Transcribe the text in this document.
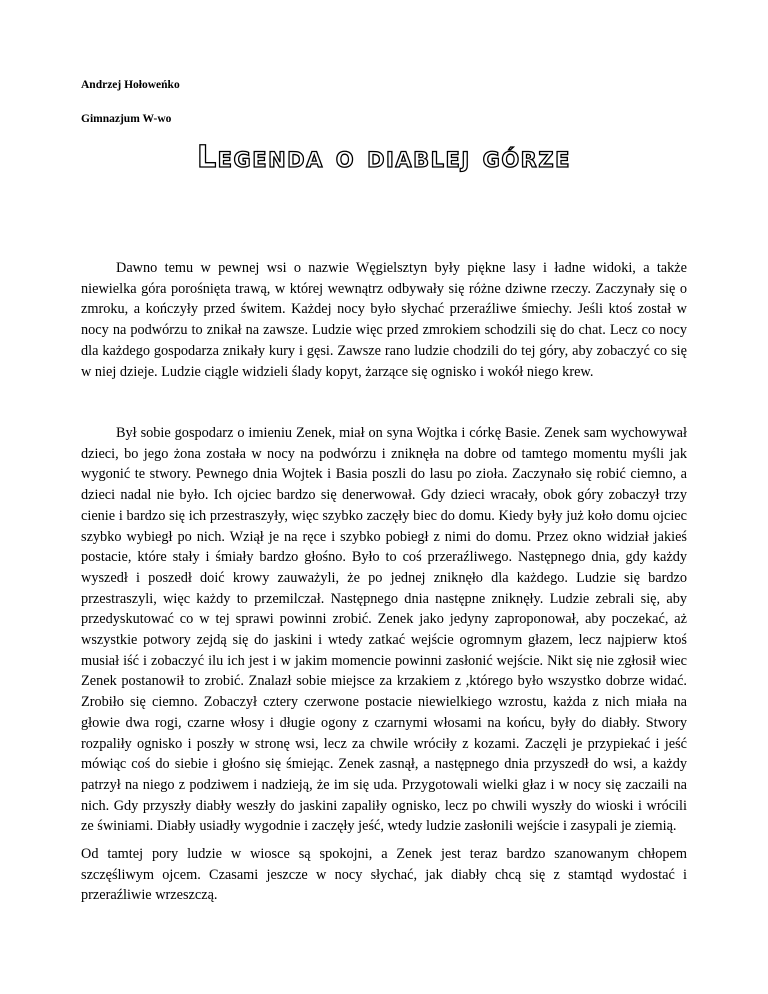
Andrzej Hołoweńko
Gimnazjum W-wo
Legenda o diablej górze

Dawno temu w pewnej wsi o nazwie Węgielsztyn były piękne lasy i ładne widoki, a także niewielka góra porośnięta trawą, w której wewnątrz odbywały się różne dziwne rzeczy. Zaczynały się o zmroku, a kończyły przed świtem. Każdej nocy było słychać przeraźliwe śmiechy. Jeśli ktoś został w nocy na podwórzu to znikał na zawsze. Ludzie więc przed zmrokiem schodzili się do chat. Lecz co nocy dla każdego gospodarza znikały kury i gęsi. Zawsze rano ludzie chodzili do tej góry, aby zobaczyć co się w niej dzieje. Ludzie ciągle widzieli ślady kopyt, żarzące się ognisko i wokół niego krew.

Był sobie gospodarz o imieniu Zenek, miał on syna Wojtka i córkę Basie. Zenek sam wychowywał dzieci, bo jego żona została w nocy na podwórzu i zniknęła na dobre od tamtego momentu myśli jak wygonić te stwory. Pewnego dnia Wojtek i Basia poszli do lasu po zioła. Zaczynało się robić ciemno, a dzieci nadal nie było. Ich ojciec bardzo się denerwował. Gdy dzieci wracały, obok góry zobaczył trzy cienie i bardzo się ich przestraszyły, więc szybko zaczęły biec do domu. Kiedy były już koło domu ojciec szybko wybiegł po nich. Wziął je na ręce i szybko pobiegł z nimi do domu. Przez okno widział jakieś postacie, które stały i śmiały bardzo głośno. Było to coś przeraźliwego. Następnego dnia, gdy każdy wyszedł i poszedł doić krowy zauważyli, że po jednej zniknęło dla każdego. Ludzie się bardzo przestraszyli, więc każdy to przemilczał. Następnego dnia następne zniknęły. Ludzie zebrali się, aby przedyskutować co w tej sprawi powinni zrobić. Zenek jako jedyny zaproponował, aby poczekać, aż wszystkie potwory zejdą się do jaskini i wtedy zatkać wejście ogromnym głazem, lecz najpierw ktoś musiał iść i zobaczyć ilu ich jest i w jakim momencie powinni zasłonić wejście. Nikt się nie zgłosił wiec Zenek postanowił to zrobić. Znalazł sobie miejsce za krzakiem z ,którego było wszystko dobrze widać. Zrobiło się ciemno. Zobaczył cztery czerwone postacie niewielkiego wzrostu, każda z nich miała na głowie dwa rogi, czarne włosy i długie ogony z czarnymi włosami na końcu, były do diabły. Stwory rozpaliły ognisko i poszły w stronę wsi, lecz za chwile wróciły z kozami. Zaczęli je przypiekać i jeść mówiąc coś do siebie i głośno się śmiejąc. Zenek zasnął, a następnego dnia przyszedł do wsi, a każdy patrzył na niego z podziwem i nadzieją, że im się uda. Przygotowali wielki głaz i w nocy się zaczaili na nich. Gdy przyszły diabły weszły do jaskini zapaliły ognisko, lecz po chwili wyszły do wioski i wrócili ze świniami. Diabły usiadły wygodnie i zaczęły jeść, wtedy ludzie zasłonili wejście i zasypali je ziemią.

Od tamtej pory ludzie w wiosce są spokojni, a Zenek jest teraz bardzo szanowanym chłopem szczęśliwym ojcem. Czasami jeszcze w nocy słychać, jak diabły chcą się z stamtąd wydostać i przeraźliwie wrzeszczą.
